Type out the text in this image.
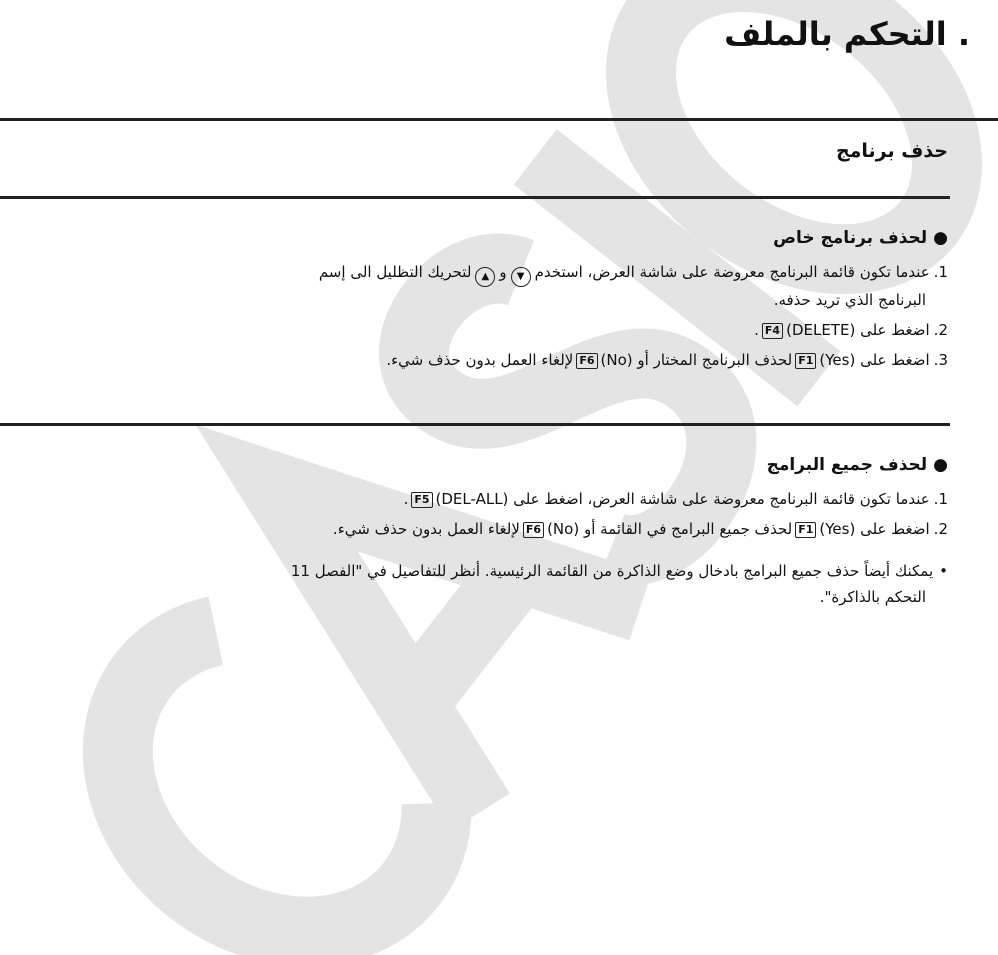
. التحكم بالملف
حذف برنامج
●لحذف برنامج خاص
1.عندما تكون قائمة البرنامج معروضة على شاشة العرض، استخدم▼و▲لتحريك التظليل الى إسم
البرنامج الذي تريد حذفه.
2.اضغط على (DELETE)F4.
3.اضغط على (Yes)F1لحذف البرنامج المختار أو (No)F6لإلغاء العمل بدون حذف شيء.
●لحذف جميع البرامج
1.عندما تكون قائمة البرنامج معروضة على شاشة العرض، اضغط على (DEL-ALL)F5.
2.اضغط على (Yes)F1لحذف جميع البرامج في القائمة أو (No)F6لإلغاء العمل بدون حذف شيء.
•يمكنك أيضاً حذف جميع البرامج بادخال وضع الذاكرة من القائمة الرئيسية. أنظر للتفاصيل في "الفصل 11
التحكم بالذاكرة".
